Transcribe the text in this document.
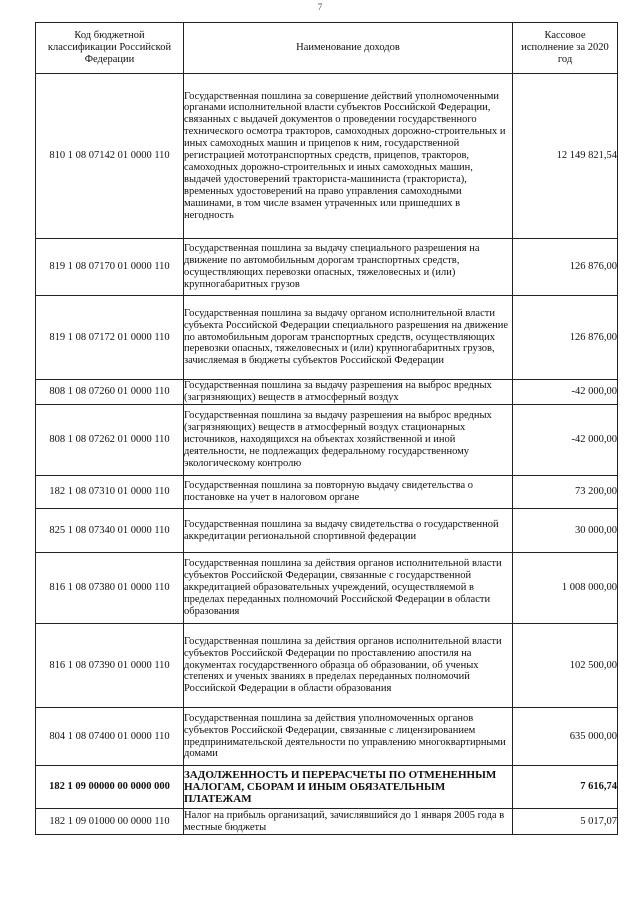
7
Код бюджетной классификации Российской Федерации	Наименование доходов	Кассовое исполнение за 2020 год
810 1 08 07142 01 0000 110	Государственная пошлина за совершение действий уполномоченными органами исполнительной власти субъектов Российской Федерации, связанных с выдачей документов о проведении государственного технического осмотра тракторов, самоходных дорожно-строительных и иных самоходных машин и прицепов к ним, государственной регистрацией мототранспортных средств, прицепов, тракторов, самоходных дорожно-строительных и иных самоходных машин, выдачей удостоверений тракториста-машиниста (тракториста), временных удостоверений на право управления самоходными машинами, в том числе взамен утраченных или пришедших в негодность	12 149 821,54
819 1 08 07170 01 0000 110	Государственная пошлина за выдачу специального разрешения на движение по автомобильным дорогам транспортных средств, осуществляющих перевозки опасных, тяжеловесных и (или) крупногабаритных грузов	126 876,00
819 1 08 07172 01 0000 110	Государственная пошлина за выдачу органом исполнительной власти субъекта Российской Федерации специального разрешения на движение по автомобильным дорогам транспортных средств, осуществляющих перевозки опасных, тяжеловесных и (или) крупногабаритных грузов, зачисляемая в бюджеты субъектов Российской Федерации	126 876,00
808 1 08 07260 01 0000 110	Государственная пошлина за выдачу разрешения на выброс вредных (загрязняющих) веществ в атмосферный воздух	-42 000,00
808 1 08 07262 01 0000 110	Государственная пошлина за выдачу разрешения на выброс вредных (загрязняющих) веществ в атмосферный воздух стационарных источников, находящихся на объектах хозяйственной и иной деятельности, не подлежащих федеральному государственному экологическому контролю	-42 000,00
182 1 08 07310 01 0000 110	Государственная пошлина за повторную выдачу свидетельства о постановке на учет в налоговом органе	73 200,00
825 1 08 07340 01 0000 110	Государственная пошлина за выдачу свидетельства о государственной аккредитации региональной спортивной федерации	30 000,00
816 1 08 07380 01 0000 110	Государственная пошлина за действия органов исполнительной власти субъектов Российской Федерации, связанные с государственной аккредитацией образовательных учреждений, осуществляемой в пределах переданных полномочий Российской Федерации в области образования	1 008 000,00
816 1 08 07390 01 0000 110	Государственная пошлина за действия органов исполнительной власти субъектов Российской Федерации по проставлению апостиля на документах государственного образца об образовании, об ученых степенях и ученых званиях в пределах переданных полномочий Российской Федерации в области образования	102 500,00
804 1 08 07400 01 0000 110	Государственная пошлина за действия уполномоченных органов субъектов Российской Федерации, связанные с лицензированием предпринимательской деятельности по управлению многоквартирными домами	635 000,00
182 1 09 00000 00 0000 000	ЗАДОЛЖЕННОСТЬ И ПЕРЕРАСЧЕТЫ ПО ОТМЕНЕННЫМ НАЛОГАМ, СБОРАМ И ИНЫМ ОБЯЗАТЕЛЬНЫМ ПЛАТЕЖАМ	7 616,74
182 1 09 01000 00 0000 110	Налог на прибыль организаций, зачислявшийся до 1 января 2005 года в местные бюджеты	5 017,07
